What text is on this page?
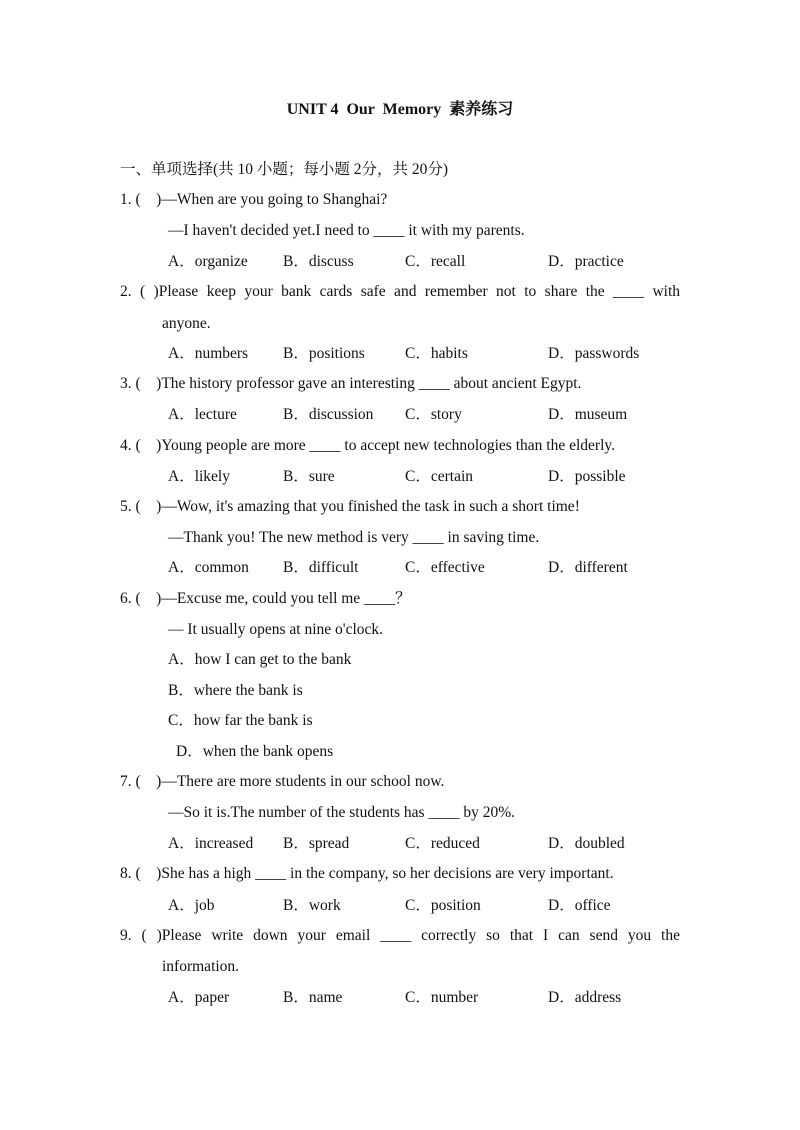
UNIT 4  Our  Memory  素养练习
一、单项选择(共 10 小题；每小题 2分，共 20分)
1. (    )—When are you going to Shanghai?
—I haven't decided yet.I need to ____ it with my parents.
A．organize B．discuss	C．recall	D．practice
2. ( )Please keep your bank cards safe and remember not to share the ____ with
anyone.
A．numbers B．positions	C．habits	D．passwords
3. (    )The history professor gave an interesting ____ about ancient Egypt.
A．lecture	B．discussion C．story	D．museum
4. (    )Young people are more ____ to accept new technologies than the elderly.
A．likely	B．sure	C．certain	D．possible
5. (    )—Wow, it's amazing that you finished the task in such a short time!
—Thank you! The new method is very ____ in saving time.
A．common B．difficult	C．effective	D．different
6. (    )—Excuse me, could you tell me ____？
— It usually opens at nine o'clock.
A．how I can get to the bank
B．where the bank is
C．how far the bank is
D．when the bank opens
7. (    )—There are more students in our school now.
—So it is.The number of the students has ____ by 20%.
A．increased B．spread	C．reduced	D．doubled
8. (    )She has a high ____ in the company, so her decisions are very important.
A．job	B．work	C．position	D．office
9. ( )Please write down your email ____ correctly so that I can send you the
information.
A．paper	B．name	C．number	D．address
